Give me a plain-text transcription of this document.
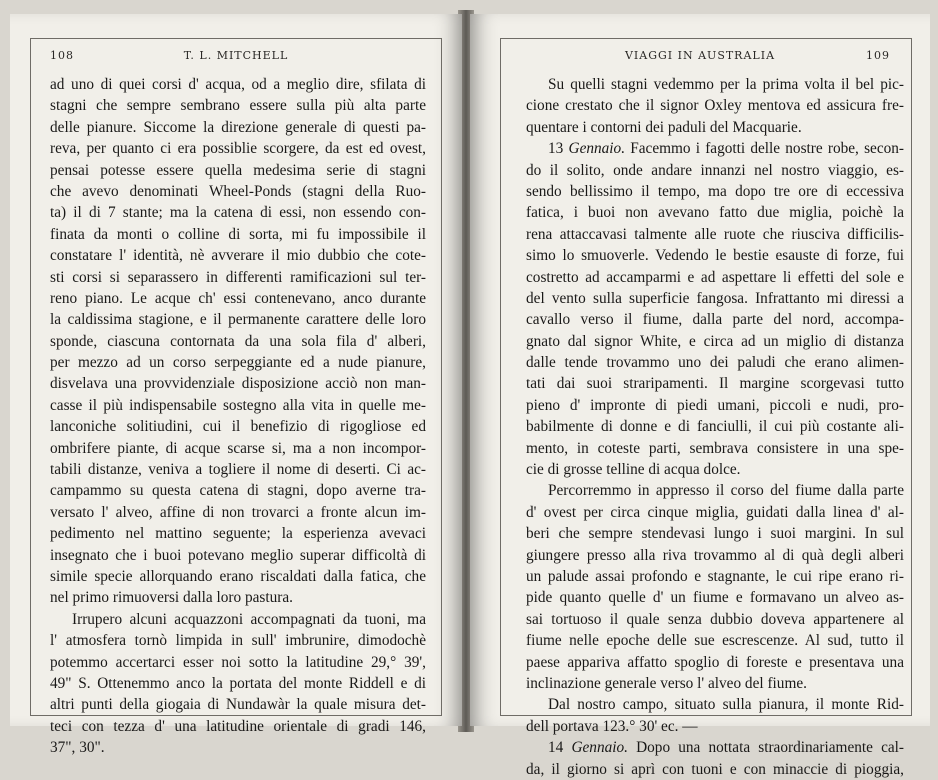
108	T. L. MITCHELL
ad uno di quei corsi d' acqua, od a meglio dire, sfilata di
stagni che sempre sembrano essere sulla più alta parte
delle pianure. Siccome la direzione generale di questi pa-
reva, per quanto ci era possiblie scorgere, da est ed ovest,
pensai potesse essere quella medesima serie di stagni
che avevo denominati Wheel-Ponds (stagni della Ruo-
ta) il di 7 stante; ma la catena di essi, non essendo con-
finata da monti o colline di sorta, mi fu impossibile il
constatare l' identità, nè avverare il mio dubbio che cote-
sti corsi si separassero in differenti ramificazioni sul ter-
reno piano. Le acque ch' essi contenevano, anco durante
la caldissima stagione, e il permanente carattere delle loro
sponde, ciascuna contornata da una sola fila d' alberi,
per mezzo ad un corso serpeggiante ed a nude pianure,
disvelava una provvidenziale disposizione acciò non man-
casse il più indispensabile sostegno alla vita in quelle me-
lanconiche solitiudini, cui il benefizio di rigogliose ed
ombrifere piante, di acque scarse si, ma a non incompor-
tabili distanze, veniva a togliere il nome di deserti. Ci ac-
campammo su questa catena di stagni, dopo averne tra-
versato l' alveo, affine di non trovarci a fronte alcun im-
pedimento nel mattino seguente; la esperienza avevaci
insegnato che i buoi potevano meglio superar difficoltà di
simile specie allorquando erano riscaldati dalla fatica, che
nel primo rimuoversi dalla loro pastura.
Irrupero alcuni acquazzoni accompagnati da tuoni, ma
l' atmosfera tornò limpida in sull' imbrunire, dimodochè
potemmo accertarci esser noi sotto la latitudine 29,° 39',
49" S. Ottenemmo anco la portata del monte Riddell e di
altri punti della giogaia di Nundawàr la quale misura det-
teci con tezza d' una latitudine orientale di gradi 146,
37", 30".
VIAGGI IN AUSTRALIA	109
Su quelli stagni vedemmo per la prima volta il bel pic-
cione crestato che il signor Oxley mentova ed assicura fre-
quentare i contorni dei paduli del Macquarie.
13 Gennaio. Facemmo i fagotti delle nostre robe, secon-
do il solito, onde andare innanzi nel nostro viaggio, es-
sendo bellissimo il tempo, ma dopo tre ore di eccessiva
fatica, i buoi non avevano fatto due miglia, poichè la
rena attaccavasi talmente alle ruote che riusciva difficilis-
simo lo smuoverle. Vedendo le bestie esauste di forze, fui
costretto ad accamparmi e ad aspettare li effetti del sole e
del vento sulla superficie fangosa. Infrattanto mi diressi a
cavallo verso il fiume, dalla parte del nord, accompa-
gnato dal signor White, e circa ad un miglio di distanza
dalle tende trovammo uno dei paludi che erano alimen-
tati dai suoi straripamenti. Il margine scorgevasi tutto
pieno d' impronte di piedi umani, piccoli e nudi, pro-
babilmente di donne e di fanciulli, il cui più costante ali-
mento, in coteste parti, sembrava consistere in una spe-
cie di grosse telline di acqua dolce.
Percorremmo in appresso il corso del fiume dalla parte
d' ovest per circa cinque miglia, guidati dalla linea d' al-
beri che sempre stendevasi lungo i suoi margini. In sul
giungere presso alla riva trovammo al di quà degli alberi
un palude assai profondo e stagnante, le cui ripe erano ri-
pide quanto quelle d' un fiume e formavano un alveo as-
sai tortuoso il quale senza dubbio doveva appartenere al
fiume nelle epoche delle sue escrescenze. Al sud, tutto il
paese appariva affatto spoglio di foreste e presentava una
inclinazione generale verso l' alveo del fiume.
Dal nostro campo, situato sulla pianura, il monte Rid-
dell portava 123.° 30' ec. —
14 Gennaio. Dopo una nottata straordinariamente cal-
da, il giorno si aprì con tuoni e con minaccie di pioggia,
